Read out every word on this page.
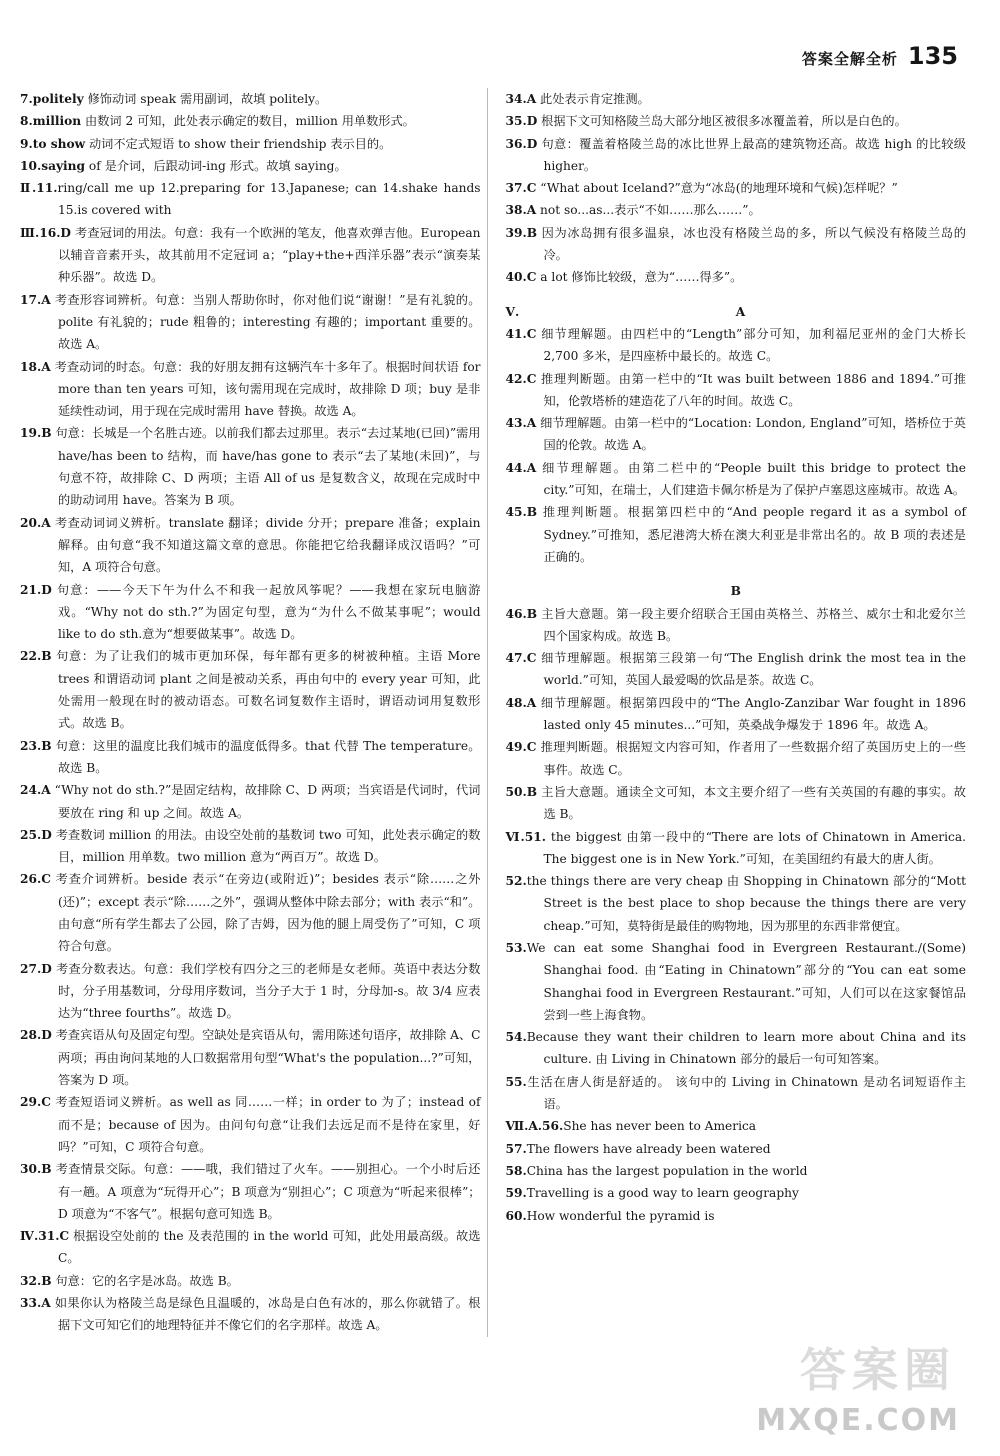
答案全解全析 135

7.politely 修饰动词 speak 需用副词，故填 politely。

8.million 由数词 2 可知，此处表示确定的数目，million 用单数形式。

9.to show 动词不定式短语 to show their friendship 表示目的。

10.saying of 是介词，后跟动词-ing 形式。故填 saying。

Ⅱ.11.ring/call me up 12.preparing for 13.Japanese; can 14.shake hands 15.is covered with

Ⅲ.16.D 考查冠词的用法。句意：我有一个欧洲的笔友，他喜欢弹吉他。European 以辅音音素开头，故其前用不定冠词 a；“play+the+西洋乐器”表示“演奏某种乐器”。故选 D。

17.A 考查形容词辨析。句意：当别人帮助你时，你对他们说“谢谢！”是有礼貌的。polite 有礼貌的；rude 粗鲁的；interesting 有趣的；important 重要的。故选 A。

18.A 考查动词的时态。句意：我的好朋友拥有这辆汽车十多年了。根据时间状语 for more than ten years 可知，该句需用现在完成时，故排除 D 项；buy 是非延续性动词，用于现在完成时需用 have 替换。故选 A。

19.B 句意：长城是一个名胜古迹。以前我们都去过那里。表示“去过某地(已回)”需用 have/has been to 结构，而 have/has gone to 表示“去了某地(未回)”，与句意不符，故排除 C、D 两项；主语 All of us 是复数含义，故现在完成时中的助动词用 have。答案为 B 项。

20.A 考查动词词义辨析。translate 翻译；divide 分开；prepare 准备；explain 解释。由句意“我不知道这篇文章的意思。你能把它给我翻译成汉语吗？”可知，A 项符合句意。

21.D 句意：——今天下午为什么不和我一起放风筝呢？——我想在家玩电脑游戏。“Why not do sth.?”为固定句型，意为“为什么不做某事呢”；would like to do sth.意为“想要做某事”。故选 D。

22.B 句意：为了让我们的城市更加环保，每年都有更多的树被种植。主语 More trees 和谓语动词 plant 之间是被动关系，再由句中的 every year 可知，此处需用一般现在时的被动语态。可数名词复数作主语时，谓语动词用复数形式。故选 B。

23.B 句意：这里的温度比我们城市的温度低得多。that 代替 The temperature。故选 B。

24.A “Why not do sth.?”是固定结构，故排除 C、D 两项；当宾语是代词时，代词要放在 ring 和 up 之间。故选 A。

25.D 考查数词 million 的用法。由设空处前的基数词 two 可知，此处表示确定的数目，million 用单数。two million 意为“两百万”。故选 D。

26.C 考查介词辨析。beside 表示“在旁边(或附近)”；besides 表示“除……之外(还)”；except 表示“除……之外”，强调从整体中除去部分；with 表示“和”。由句意“所有学生都去了公园，除了吉姆，因为他的腿上周受伤了”可知，C 项符合句意。

27.D 考查分数表达。句意：我们学校有四分之三的老师是女老师。英语中表达分数时，分子用基数词，分母用序数词，当分子大于 1 时，分母加-s。故 3/4 应表达为“three fourths”。故选 D。

28.D 考查宾语从句及固定句型。空缺处是宾语从句，需用陈述句语序，故排除 A、C 两项；再由询问某地的人口数据常用句型“What's the population...?”可知，答案为 D 项。

29.C 考查短语词义辨析。as well as 同……一样；in order to 为了；instead of 而不是；because of 因为。由问句句意“让我们去远足而不是待在家里，好吗？”可知，C 项符合句意。

30.B 考查情景交际。句意：——哦，我们错过了火车。——别担心。一个小时后还有一趟。A 项意为“玩得开心”；B 项意为“别担心”；C 项意为“听起来很棒”；D 项意为“不客气”。根据句意可知选 B。

Ⅳ.31.C 根据设空处前的 the 及表范围的 in the world 可知，此处用最高级。故选 C。

32.B 句意：它的名字是冰岛。故选 B。

33.A 如果你认为格陵兰岛是绿色且温暖的，冰岛是白色有冰的，那么你就错了。根据下文可知它们的地理特征并不像它们的名字那样。故选 A。

34.A 此处表示肯定推测。

35.D 根据下文可知格陵兰岛大部分地区被很多冰覆盖着，所以是白色的。

36.D 句意：覆盖着格陵兰岛的冰比世界上最高的建筑物还高。故选 high 的比较级 higher。

37.C “What about Iceland?”意为“冰岛(的地理环境和气候)怎样呢？”

38.A not so...as...表示“不如……那么……”。

39.B 因为冰岛拥有很多温泉，冰也没有格陵兰岛的多，所以气候没有格陵兰岛的冷。

40.C a lot 修饰比较级，意为“……得多”。

Ⅴ.	A

41.C 细节理解题。由四栏中的“Length”部分可知，加利福尼亚州的金门大桥长 2,700 多米，是四座桥中最长的。故选 C。

42.C 推理判断题。由第一栏中的“It was built between 1886 and 1894.”可推知，伦敦塔桥的建造花了八年的时间。故选 C。

43.A 细节理解题。由第一栏中的“Location: London, England”可知，塔桥位于英国的伦敦。故选 A。

44.A 细节理解题。由第二栏中的“People built this bridge to protect the city.”可知，在瑞士，人们建造卡佩尔桥是为了保护卢塞恩这座城市。故选 A。

45.B 推理判断题。根据第四栏中的“And people regard it as a symbol of Sydney.”可推知，悉尼港湾大桥在澳大利亚是非常出名的。故 B 项的表述是正确的。

B

46.B 主旨大意题。第一段主要介绍联合王国由英格兰、苏格兰、威尔士和北爱尔兰四个国家构成。故选 B。

47.C 细节理解题。根据第三段第一句“The English drink the most tea in the world.”可知，英国人最爱喝的饮品是茶。故选 C。

48.A 细节理解题。根据第四段中的“The Anglo-Zanzibar War fought in 1896 lasted only 45 minutes...”可知，英桑战争爆发于 1896 年。故选 A。

49.C 推理判断题。根据短文内容可知，作者用了一些数据介绍了英国历史上的一些事件。故选 C。

50.B 主旨大意题。通读全文可知，本文主要介绍了一些有关英国的有趣的事实。故选 B。

Ⅵ.51. the biggest 由第一段中的“There are lots of Chinatown in America. The biggest one is in New York.”可知，在美国纽约有最大的唐人街。

52.the things there are very cheap 由 Shopping in Chinatown 部分的“Mott Street is the best place to shop because the things there are very cheap.”可知，莫特街是最佳的购物地，因为那里的东西非常便宜。

53.We can eat some Shanghai food in Evergreen Restaurant./(Some) Shanghai food. 由“Eating in Chinatown”部分的“You can eat some Shanghai food in Evergreen Restaurant.”可知，人们可以在这家餐馆品尝到一些上海食物。

54.Because they want their children to learn more about China and its culture. 由 Living in Chinatown 部分的最后一句可知答案。

55.生活在唐人街是舒适的。 该句中的 Living in Chinatown 是动名词短语作主语。

Ⅶ.A.56.She has never been to America

57.The flowers have already been watered

58.China has the largest population in the world

59.Travelling is a good way to learn geography

60.How wonderful the pyramid is

答案圈
MXQE.COM
